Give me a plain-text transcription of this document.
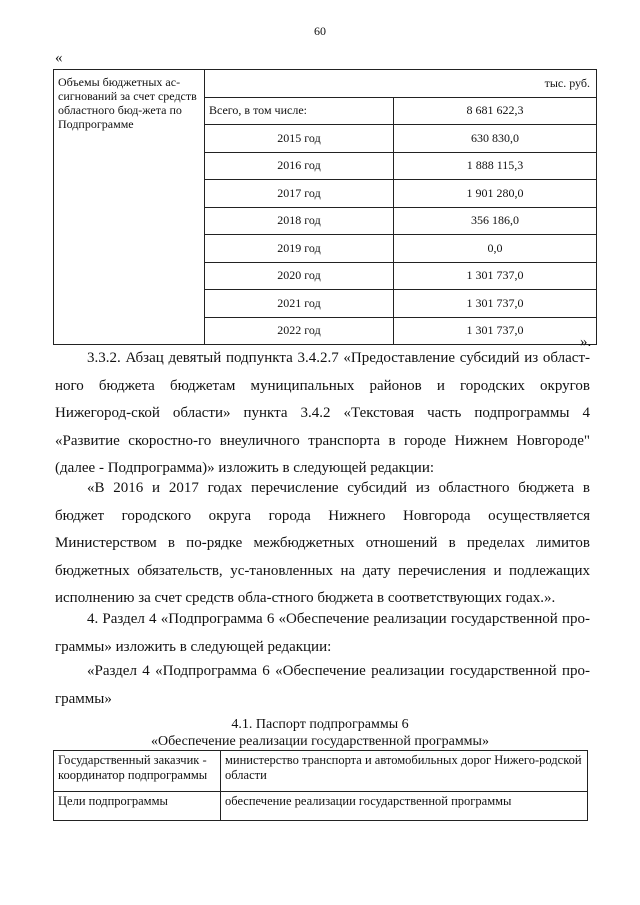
60
«
Объемы бюджетных ас-сигнований за счет средств областного бюд-жета по Подпрограмме	тыс. руб.	
	Всего, в том числе:	8 681 622,3
	2015 год	630 830,0
	2016 год	1 888 115,3
	2017 год	1 901 280,0
	2018 год	356 186,0
	2019 год	0,0
	2020 год	1 301 737,0
	2021 год	1 301 737,0
	2022 год	1 301 737,0
».

3.3.2. Абзац девятый подпункта 3.4.2.7 «Предоставление субсидий из област-ного бюджета бюджетам муниципальных районов и городских округов Нижегород-ской области» пункта 3.4.2 «Текстовая часть подпрограммы 4 «Развитие скоростно-го внеуличного транспорта в городе Нижнем Новгороде" (далее - Подпрограмма)» изложить в следующей редакции:

«В 2016 и 2017 годах перечисление субсидий из областного бюджета в бюджет городского округа города Нижнего Новгорода осуществляется Министерством в по-рядке межбюджетных отношений в пределах лимитов бюджетных обязательств, ус-тановленных на дату перечисления и подлежащих исполнению за счет средств обла-стного бюджета в соответствующих годах.».

4. Раздел 4 «Подпрограмма 6 «Обеспечение реализации государственной про-граммы» изложить в следующей редакции:

«Раздел 4 «Подпрограмма 6 «Обеспечение реализации государственной про-граммы»

4.1. Паспорт подпрограммы 6
«Обеспечение реализации государственной программы»
Государственный заказчик - координатор подпрограммы	министерство транспорта и автомобильных дорог Нижего-родской области
Цели подпрограммы	обеспечение реализации государственной программы
